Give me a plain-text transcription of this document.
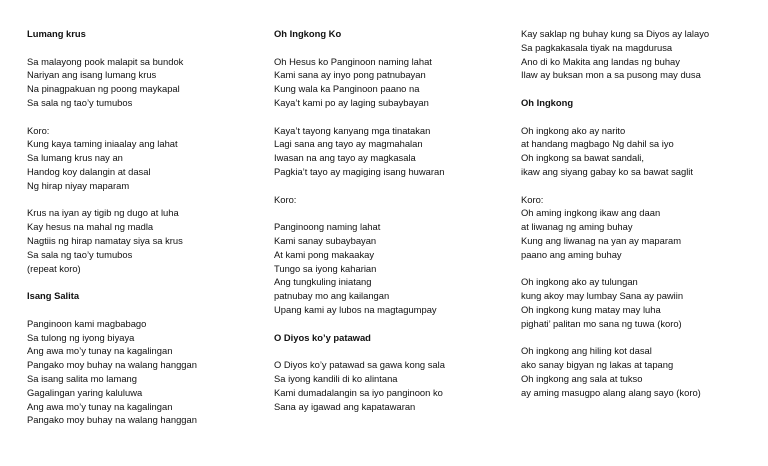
Lumang krus
Sa malayong pook malapit sa bundok
Nariyan ang isang lumang krus
Na pinagpakuan ng poong maykapal
Sa sala ng tao’y tumubos
Koro:
Kung kaya taming iniaalay ang lahat
Sa lumang krus nay an
Handog koy dalangin at dasal
Ng hirap niyay maparam
Krus na iyan ay tigib ng dugo at luha
Kay hesus na mahal ng madla
Nagtiis ng hirap namatay siya sa krus
Sa sala ng tao’y tumubos
(repeat koro)
Isang Salita
Panginoon kami magbabago
Sa tulong ng iyong biyaya
Ang awa mo’y tunay na kagalingan
Pangako moy buhay na walang hanggan
Sa isang salita mo lamang
Gagalingan yaring kaluluwa
Ang awa mo’y tunay na kagalingan
Pangako moy buhay na walang hanggan
Oh Ingkong Ko
Oh Hesus ko Panginoon naming lahat
Kami sana ay inyo pong patnubayan
Kung wala ka Panginoon paano na
Kaya’t kami po ay laging subaybayan
Kaya’t tayong kanyang mga tinatakan
Lagi sana ang tayo ay magmahalan
Iwasan na ang tayo ay magkasala
Pagkia’t tayo ay magiging isang huwaran
Koro:
Panginoong naming lahat
Kami sanay subaybayan
At kami pong makaakay
Tungo sa iyong kaharian
Ang tungkuling iniatang
patnubay mo ang kailangan
Upang kami ay lubos na magtagumpay
O Diyos ko’y patawad
O Diyos ko’y patawad sa gawa kong sala
Sa iyong kandili di ko alintana
Kami dumadalangin sa iyo panginoon ko
Sana ay igawad ang kapatawaran
Kay saklap ng buhay kung sa Diyos ay lalayo
Sa pagkakasala tiyak na magdurusa
Ano di ko Makita ang landas ng buhay
Ilaw ay buksan mon a sa pusong may dusa
Oh Ingkong
Oh ingkong ako ay narito
at handang magbago Ng dahil sa iyo
Oh ingkong sa bawat sandali,
ikaw ang siyang gabay ko sa bawat saglit
Koro:
Oh aming ingkong ikaw ang daan
at liwanag ng aming buhay
Kung ang liwanag na yan ay maparam
paano ang aming buhay
Oh ingkong ako ay tulungan
kung akoy may lumbay Sana ay pawiin
Oh ingkong kung matay may luha
pighati’ palitan mo sana ng tuwa (koro)
Oh ingkong ang hiling kot dasal
ako sanay bigyan ng lakas at tapang
Oh ingkong ang sala at tukso
ay aming masugpo alang alang sayo (koro)
